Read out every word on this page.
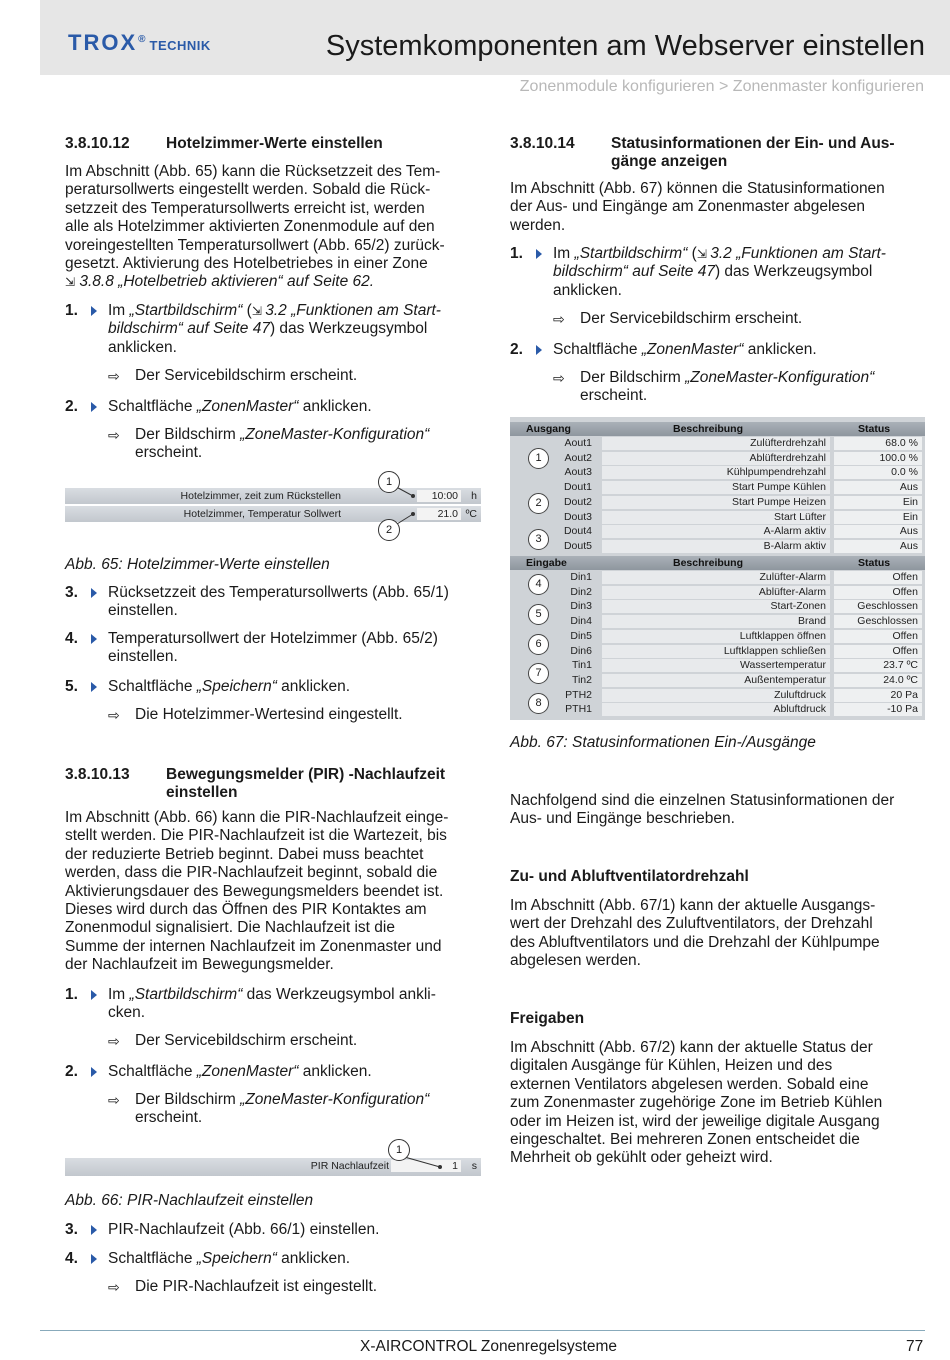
TROX® TECHNIK	Systemkomponenten am Webserver einstellen
Zonenmodule konfigurieren > Zonenmaster konfigurieren
3.8.10.12 Hotelzimmer-Werte einstellen
Im Abschnitt (Abb. 65) kann die Rücksetzzeit des Tem-
peratursollwerts eingestellt werden. Sobald die Rück-
setzzeit des Temperatursollwerts erreicht ist, werden
alle als Hotelzimmer aktivierten Zonenmodule auf den
voreingestellten Temperatursollwert (Abb. 65/2) zurück-
gesetzt. Aktivierung des Hotelbetriebes in einer Zone
⇲ 3.8.8 „Hotelbetrieb aktivieren“ auf Seite 62.
1. Im „Startbildschirm“ (⇲ 3.2 „Funktionen am Start-
bildschirm“ auf Seite 47) das Werkzeugsymbol
anklicken.
⇨ Der Servicebildschirm erscheint.
2. Schaltfläche „ZonenMaster“ anklicken.
⇨ Der Bildschirm „ZoneMaster-Konfiguration“
erscheint.
Hotelzimmer, zeit zum Rückstellen	10:00 h
Hotelzimmer, Temperatur Sollwert	21.0 ºC
1
2
Abb. 65: Hotelzimmer-Werte einstellen
3. Rücksetzzeit des Temperatursollwerts (Abb. 65/1)
einstellen.
4. Temperatursollwert der Hotelzimmer (Abb. 65/2)
einstellen.
5. Schaltfläche „Speichern“ anklicken.
⇨ Die Hotelzimmer-Wertesind eingestellt.
3.8.10.13 Bewegungsmelder (PIR) -Nachlaufzeit einstellen
Im Abschnitt (Abb. 66) kann die PIR-Nachlaufzeit einge-
stellt werden. Die PIR-Nachlaufzeit ist die Wartezeit, bis
der reduzierte Betrieb beginnt. Dabei muss beachtet
werden, dass die PIR-Nachlaufzeit beginnt, sobald die
Aktivierungsdauer des Bewegungsmelders beendet ist.
Dieses wird durch das Öffnen des PIR Kontaktes am
Zonenmodul signalisiert. Die Nachlaufzeit ist die
Summe der internen Nachlaufzeit im Zonenmaster und
der Nachlaufzeit im Bewegungsmelder.
1. Im „Startbildschirm“ das Werkzeugsymbol ankli-
cken.
⇨ Der Servicebildschirm erscheint.
2. Schaltfläche „ZonenMaster“ anklicken.
⇨ Der Bildschirm „ZoneMaster-Konfiguration“
erscheint.
PIR Nachlaufzeit	1 s
1
Abb. 66: PIR-Nachlaufzeit einstellen
3. PIR-Nachlaufzeit (Abb. 66/1) einstellen.
4. Schaltfläche „Speichern“ anklicken.
⇨ Die PIR-Nachlaufzeit ist eingestellt.
3.8.10.14 Statusinformationen der Ein- und Aus-
gänge anzeigen
Im Abschnitt (Abb. 67) können die Statusinformationen
der Aus- und Eingänge am Zonenmaster abgelesen
werden.
1. Im „Startbildschirm“ (⇲ 3.2 „Funktionen am Start-
bildschirm“ auf Seite 47) das Werkzeugsymbol
anklicken.
⇨ Der Servicebildschirm erscheint.
2. Schaltfläche „ZonenMaster“ anklicken.
⇨ Der Bildschirm „ZoneMaster-Konfiguration“
erscheint.
Ausgang	Beschreibung	Status
Aout1	Zulüfterdrehzahl	68.0 %
Aout2	Ablüfterdrehzahl	100.0 %
Aout3	Kühlpumpendrehzahl	0.0 %
Dout1	Start Pumpe Kühlen	Aus
Dout2	Start Pumpe Heizen	Ein
Dout3	Start Lüfter	Ein
Dout4	A-Alarm aktiv	Aus
Dout5	B-Alarm aktiv	Aus
Eingabe	Beschreibung	Status
Din1	Zulüfter-Alarm	Offen
Din2	Ablüfter-Alarm	Offen
Din3	Start-Zonen	Geschlossen
Din4	Brand	Geschlossen
Din5	Luftklappen öffnen	Offen
Din6	Luftklappen schließen	Offen
Tin1	Wassertemperatur	23.7 ºC
Tin2	Außentemperatur	24.0 ºC
PTH2	Zuluftdruck	20 Pa
PTH1	Abluftdruck	-10 Pa
1
2
3
4
5
6
7
8
Abb. 67: Statusinformationen Ein-/Ausgänge
Nachfolgend sind die einzelnen Statusinformationen der
Aus- und Eingänge beschrieben.
Zu- und Abluftventilatordrehzahl
Im Abschnitt (Abb. 67/1) kann der aktuelle Ausgangs-
wert der Drehzahl des Zuluftventilators, der Drehzahl
des Abluftventilators und die Drehzahl der Kühlpumpe
abgelesen werden.
Freigaben
Im Abschnitt (Abb. 67/2) kann der aktuelle Status der
digitalen Ausgänge für Kühlen, Heizen und des
externen Ventilators abgelesen werden. Sobald eine
zum Zonenmaster zugehörige Zone im Betrieb Kühlen
oder im Heizen ist, wird der jeweilige digitale Ausgang
eingeschaltet. Bei mehreren Zonen entscheidet die
Mehrheit ob gekühlt oder geheizt wird.
X-AIRCONTROL Zonenregelsysteme	77
